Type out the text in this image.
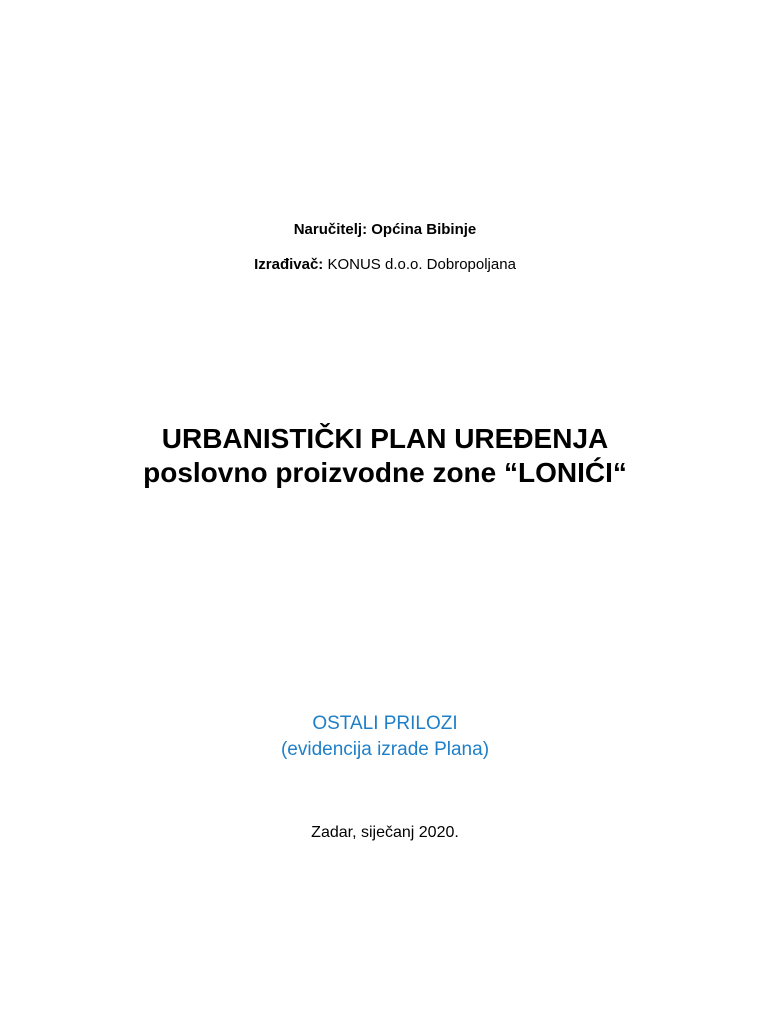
Naručitelj: Općina Bibinje
Izrađivač: KONUS d.o.o. Dobropoljana
URBANISTIČKI PLAN UREĐENJA
poslovno proizvodne zone “LONIĆI“
OSTALI PRILOZI
(evidencija izrade Plana)
Zadar, siječanj 2020.
